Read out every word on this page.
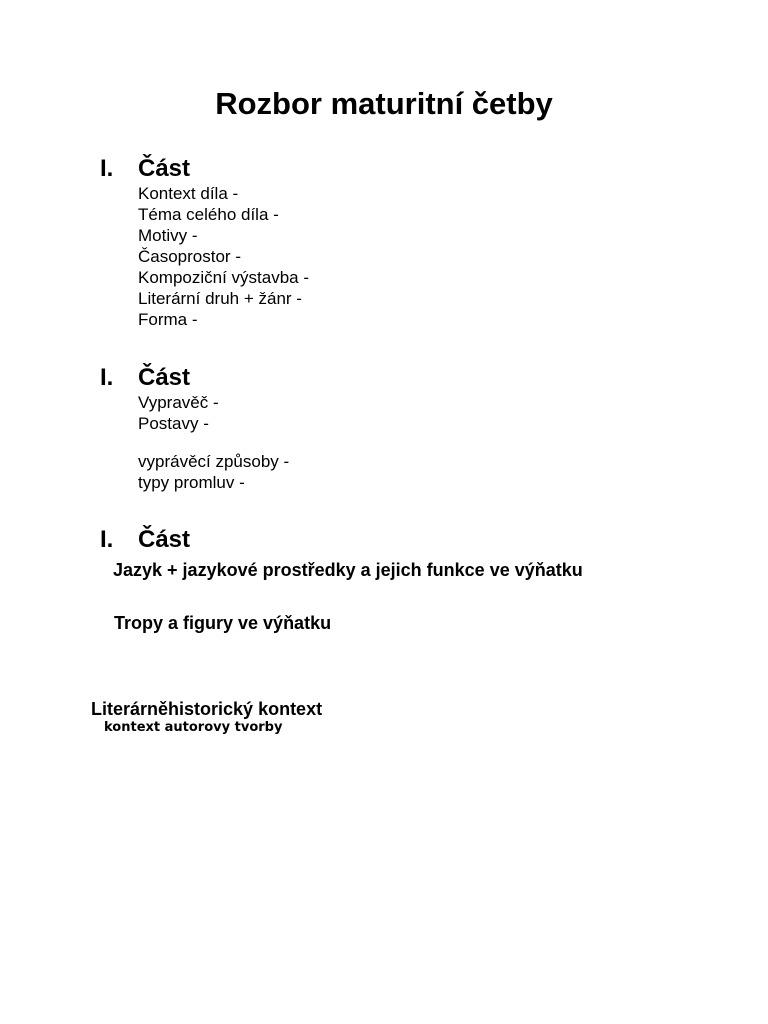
Rozbor maturitní četby
I. Část
Kontext díla -
Téma celého díla -
Motivy -
Časoprostor -
Kompoziční výstavba -
Literární druh + žánr -
Forma -
I. Část
Vypravěč -
Postavy -
vyprávěcí způsoby -
typy promluv -
I. Část
Jazyk + jazykové prostředky a jejich funkce ve výňatku
Tropy a figury ve výňatku
Literárněhistorický kontext
kontext autorovy tvorby
